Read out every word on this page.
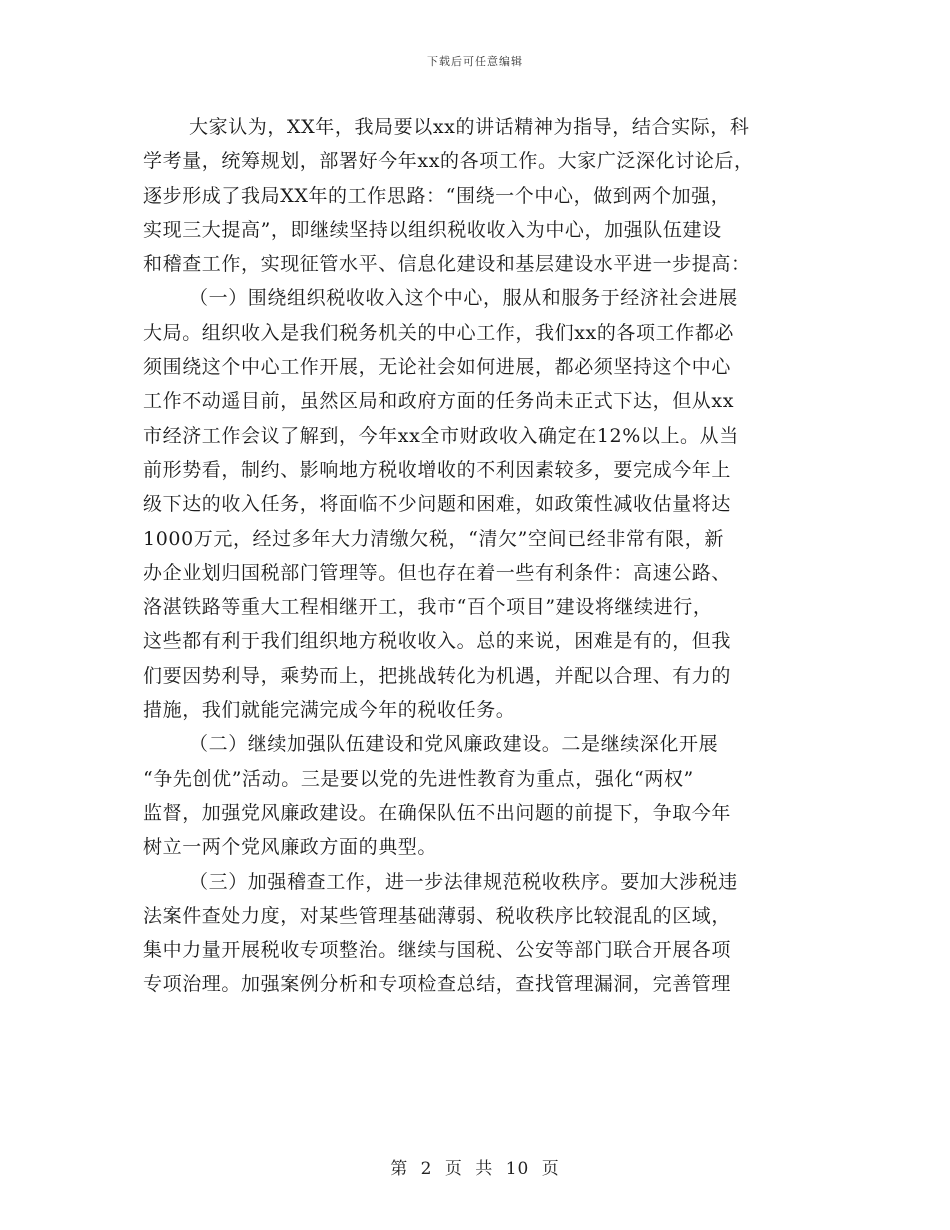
下载后可任意编辑
大家认为，XX年，我局要以xx的讲话精神为指导，结合实际，科
学考量，统筹规划，部署好今年xx的各项工作。大家广泛深化讨论后，
逐步形成了我局XX年的工作思路：“围绕一个中心，做到两个加强，
实现三大提高”，即继续坚持以组织税收收入为中心，加强队伍建设
和稽查工作，实现征管水平、信息化建设和基层建设水平进一步提高：
（一）围绕组织税收收入这个中心，服从和服务于经济社会进展
大局。组织收入是我们税务机关的中心工作，我们xx的各项工作都必
须围绕这个中心工作开展，无论社会如何进展，都必须坚持这个中心
工作不动遥目前，虽然区局和政府方面的任务尚未正式下达，但从xx
市经济工作会议了解到，今年xx全市财政收入确定在12%以上。从当
前形势看，制约、影响地方税收增收的不利因素较多，要完成今年上
级下达的收入任务，将面临不少问题和困难，如政策性减收估量将达
1000万元，经过多年大力清缴欠税，“清欠”空间已经非常有限，新
办企业划归国税部门管理等。但也存在着一些有利条件：高速公路、
洛湛铁路等重大工程相继开工，我市“百个项目”建设将继续进行，
这些都有利于我们组织地方税收收入。总的来说，困难是有的，但我
们要因势利导，乘势而上，把挑战转化为机遇，并配以合理、有力的
措施，我们就能完满完成今年的税收任务。
（二）继续加强队伍建设和党风廉政建设。二是继续深化开展
“争先创优”活动。三是要以党的先进性教育为重点，强化“两权”
监督，加强党风廉政建设。在确保队伍不出问题的前提下，争取今年
树立一两个党风廉政方面的典型。
（三）加强稽查工作，进一步法律规范税收秩序。要加大涉税违
法案件查处力度，对某些管理基础薄弱、税收秩序比较混乱的区域，
集中力量开展税收专项整治。继续与国税、公安等部门联合开展各项
专项治理。加强案例分析和专项检查总结，查找管理漏洞，完善管理
第 2 页 共 10 页
